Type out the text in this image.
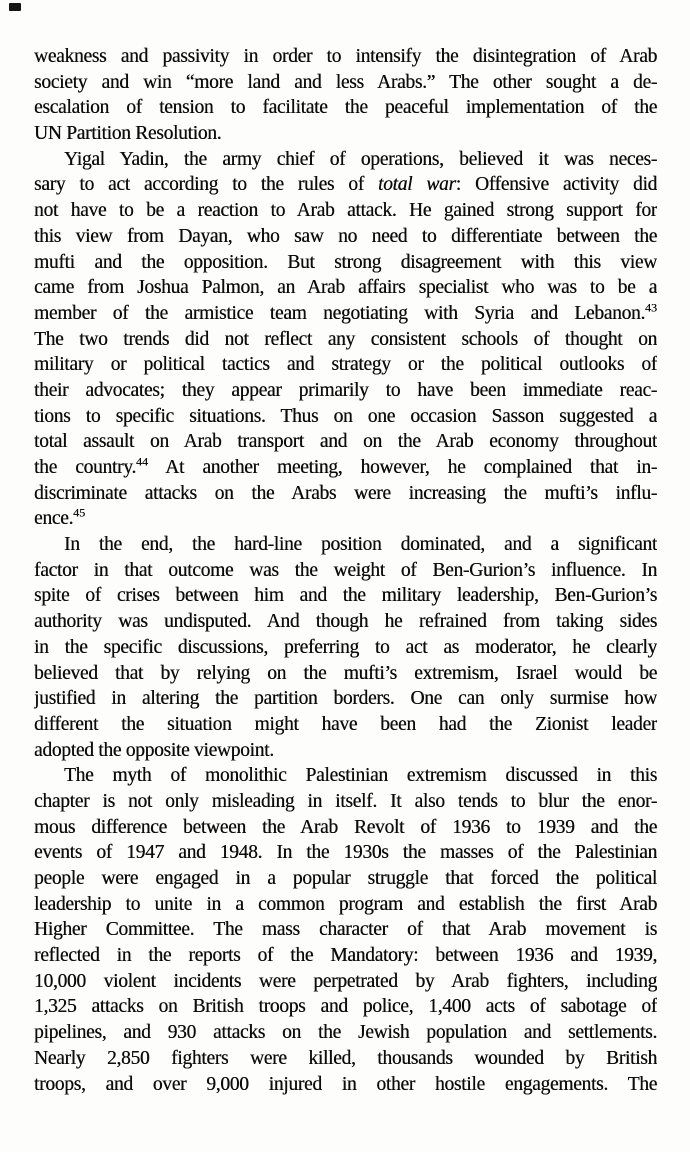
weakness and passivity in order to intensify the disintegration of Arab
society and win “more land and less Arabs.” The other sought a de-
escalation of tension to facilitate the peaceful implementation of the
UN Partition Resolution.
Yigal Yadin, the army chief of operations, believed it was neces-
sary to act according to the rules of total war: Offensive activity did
not have to be a reaction to Arab attack. He gained strong support for
this view from Dayan, who saw no need to differentiate between the
mufti and the opposition. But strong disagreement with this view
came from Joshua Palmon, an Arab affairs specialist who was to be a
member of the armistice team negotiating with Syria and Lebanon.$^{43}$
The two trends did not reflect any consistent schools of thought on
military or political tactics and strategy or the political outlooks of
their advocates; they appear primarily to have been immediate reac-
tions to specific situations. Thus on one occasion Sasson suggested a
total assault on Arab transport and on the Arab economy throughout
the country.$^{44}$ At another meeting, however, he complained that in-
discriminate attacks on the Arabs were increasing the mufti’s influ-
ence.$^{45}$
In the end, the hard-line position dominated, and a significant
factor in that outcome was the weight of Ben-Gurion’s influence. In
spite of crises between him and the military leadership, Ben-Gurion’s
authority was undisputed. And though he refrained from taking sides
in the specific discussions, preferring to act as moderator, he clearly
believed that by relying on the mufti’s extremism, Israel would be
justified in altering the partition borders. One can only surmise how
different the situation might have been had the Zionist leader
adopted the opposite viewpoint.
The myth of monolithic Palestinian extremism discussed in this
chapter is not only misleading in itself. It also tends to blur the enor-
mous difference between the Arab Revolt of 1936 to 1939 and the
events of 1947 and 1948. In the 1930s the masses of the Palestinian
people were engaged in a popular struggle that forced the political
leadership to unite in a common program and establish the first Arab
Higher Committee. The mass character of that Arab movement is
reflected in the reports of the Mandatory: between 1936 and 1939,
10,000 violent incidents were perpetrated by Arab fighters, including
1,325 attacks on British troops and police, 1,400 acts of sabotage of
pipelines, and 930 attacks on the Jewish population and settlements.
Nearly 2,850 fighters were killed, thousands wounded by British
troops, and over 9,000 injured in other hostile engagements. The
